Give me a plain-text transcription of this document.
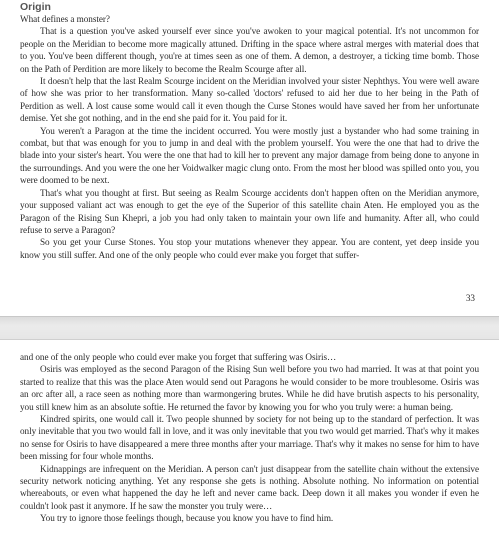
Origin

What defines a monster?

That is a question you've asked yourself ever since you've awoken to your magical potential. It's not uncommon for people on the Meridian to become more magically attuned. Drifting in the space where astral merges with material does that to you. You've been different though, you're at times seen as one of them. A demon, a destroyer, a ticking time bomb. Those on the Path of Perdition are more likely to become the Realm Scourge after all.

It doesn't help that the last Realm Scourge incident on the Meridian involved your sister Nephthys. You were well aware of how she was prior to her transformation. Many so-called 'doctors' refused to aid her due to her being in the Path of Perdition as well. A lost cause some would call it even though the Curse Stones would have saved her from her unfortunate demise. Yet she got nothing, and in the end she paid for it. You paid for it.

You weren't a Paragon at the time the incident occurred. You were mostly just a bystander who had some training in combat, but that was enough for you to jump in and deal with the problem yourself. You were the one that had to drive the blade into your sister's heart. You were the one that had to kill her to prevent any major damage from being done to anyone in the surroundings. And you were the one her Voidwalker magic clung onto. From the most her blood was spilled onto you, you were doomed to be next.

That's what you thought at first. But seeing as Realm Scourge accidents don't happen often on the Meridian anymore, your supposed valiant act was enough to get the eye of the Superior of this satellite chain Aten. He employed you as the Paragon of the Rising Sun Khepri, a job you had only taken to maintain your own life and humanity. After all, who could refuse to serve a Paragon?

So you get your Curse Stones. You stop your mutations whenever they appear. You are content, yet deep inside you know you still suffer. And one of the only people who could ever make you forget that suffer-

33

and one of the only people who could ever make you forget that suffering was Osiris…

Osiris was employed as the second Paragon of the Rising Sun well before you two had married. It was at that point you started to realize that this was the place Aten would send out Paragons he would consider to be more troublesome. Osiris was an orc after all, a race seen as nothing more than warmongering brutes. While he did have brutish aspects to his personality, you still knew him as an absolute softie. He returned the favor by knowing you for who you truly were: a human being.

Kindred spirits, one would call it. Two people shunned by society for not being up to the standard of perfection. It was only inevitable that you two would fall in love, and it was only inevitable that you two would get married. That's why it makes no sense for Osiris to have disappeared a mere three months after your marriage. That's why it makes no sense for him to have been missing for four whole months.

Kidnappings are infrequent on the Meridian. A person can't just disappear from the satellite chain without the extensive security network noticing anything. Yet any response she gets is nothing. Absolute nothing. No information on potential whereabouts, or even what happened the day he left and never came back. Deep down it all makes you wonder if even he couldn't look past it anymore. If he saw the monster you truly were…

You try to ignore those feelings though, because you know you have to find him.
